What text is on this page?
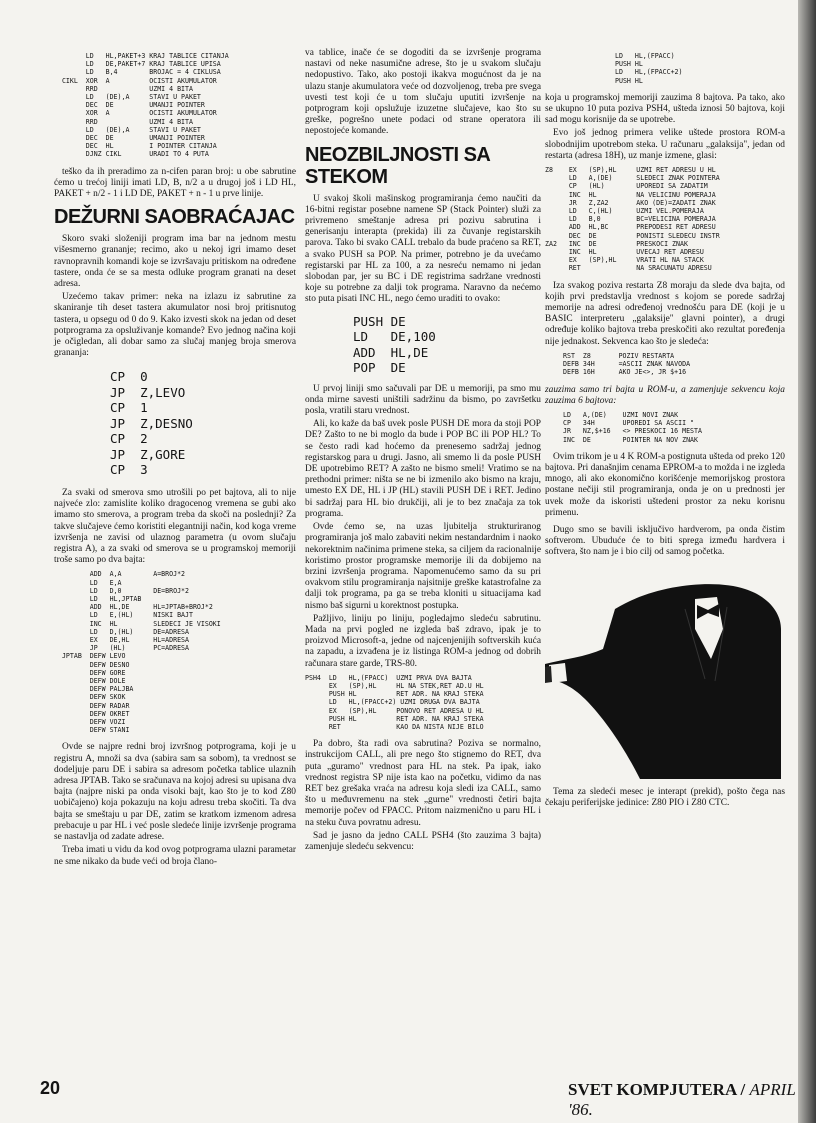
LD   HL,PAKET+3 KRAJ TABLICE CITANJA
LD   DE,PAKET+7 KRAJ TABLICE UPISA
LD   B,4        BROJAC = 4 CIKLUSA
CIKL  XOR  A          OCISTI AKUMULATOR
RRD             UZMI 4 BITA
LD   (DE),A     STAVI U PAKET
DEC  DE         UMANJI POINTER
XOR  A          OCISTI AKUMULATOR
RRD             UZMI 4 BITA
LD   (DE),A     STAVI U PAKET
DEC  DE         UMANJI POINTER
DEC  HL         I POINTER CITANJA
DJNZ CIKL       URADI TO 4 PUTA

teško da ih preradimo za n-cifen paran broj: u obe sabrutine ćemo u trećoj liniji imati LD, B, n/2 a u drugoj još i LD HL, PAKET + n/2 - 1 i LD DE, PAKET + n - 1 u prve linije.

DEŽURNI SAOBRAĆAJAC

Skoro svaki složeniji program ima bar na jednom mestu višesmerno grananje; recimo, ako u nekoj igri imamo deset ravnopravnih komandi koje se izvršavaju pritiskom na određene tastere, onda će se sa mesta odluke program granati na deset adresa.

Uzećemo takav primer: neka na izlazu iz sabrutine za skaniranje tih deset tastera akumulator nosi broj pritisnutog tastera, u opsegu od 0 do 9. Kako izvesti skok na jedan od deset potprograma za opsluživanje komande? Evo jednog načina koji je očigledan, ali dobar samo za slučaj manjeg broja smerova grananja:

CP  0
JP  Z,LEVO
CP  1
JP  Z,DESNO
CP  2
JP  Z,GORE
CP  3

Za svaki od smerova smo utrošili po pet bajtova, ali to nije najveće zlo: zamislite koliko dragocenog vremena se gubi ako imamo sto smerova, a program treba da skoči na poslednji? Za takve slučajeve ćemo koristiti elegantniji način, kod koga vreme izvršenja ne zavisi od ulaznog parametra (u ovom slučaju registra A), a za svaki od smerova se u programskoj memoriji troše samo po dva bajta:

ADD  A,A        A=BROJ*2
LD   E,A
LD   D,0        DE=BROJ*2
LD   HL,JPTAB
ADD  HL,DE      HL=JPTAB+BROJ*2
LD   E,(HL)     NISKI BAJT
INC  HL         SLEDECI JE VISOKI
LD   D,(HL)     DE=ADRESA
EX   DE,HL      HL=ADRESA
JP   (HL)       PC=ADRESA
JPTAB  DEFW LEVO
DEFW DESNO
DEFW GORE
DEFW DOLE
DEFW PALJBA
DEFW SKOK
DEFW RADAR
DEFW OKRET
DEFW VOZI
DEFW STANI

Ovde se najpre redni broj izvršnog potprograma, koji je u registru A, množi sa dva (sabira sam sa sobom), ta vrednost se dodeljuje paru DE i sabira sa adresom početka tablice ulaznih adresa JPTAB. Tako se sračunava na kojoj adresi su upisana dva bajta (najpre niski pa onda visoki bajt, kao što je to kod Z80 uobičajeno) koja pokazuju na koju adresu treba skočiti. Ta dva bajta se smeštaju u par DE, zatim se kratkom izmenom adresa prebacuje u par HL i već posle sledeće linije izvršenje programa se nastavlja od zadate adrese.

Treba imati u vidu da kod ovog potprograma ulazni parametar ne sme nikako da bude veći od broja člano-

va tablice, inače će se dogoditi da se izvršenje programa nastavi od neke nasumične adrese, što je u svakom slučaju nedopustivo. Tako, ako postoji ikakva mogućnost da je na ulazu stanje akumulatora veće od dozvoljenog, treba pre svega uvesti test koji će u tom slučaju uputiti izvršenje na potprogram koji opslužuje izuzetne slučajeve, kao što su greške, pogrešno unete podaci od strane operatora ili nepostojeće komande.

NEOZBILJNOSTI SA STEKOM

U svakoj školi mašinskog programiranja ćemo naučiti da 16-bitni registar posebne namene SP (Stack Pointer) služi za privremeno smeštanje adresa pri pozivu sabrutina i generisanju interapta (prekida) ili za čuvanje registarskih parova. Tako bi svako CALL trebalo da bude praćeno sa RET, a svako PUSH sa POP. Na primer, potrebno je da uvećamo registarski par HL za 100, a za nesreću nemamo ni jedan slobodan par, jer su BC i DE registrima sadržane vrednosti koje su potrebne za dalji tok programa. Naravno da nećemo sto puta pisati INC HL, nego ćemo uraditi to ovako:

PUSH DE
LD   DE,100
ADD  HL,DE
POP  DE

U prvoj liniji smo sačuvali par DE u memoriji, pa smo mu onda mirne savesti uništili sadržinu da bismo, po završetku posla, vratili staru vrednost.

Ali, ko kaže da baš uvek posle PUSH DE mora da stoji POP DE? Zašto to ne bi moglo da bude i POP BC ili POP HL? To se često radi kad hoćemo da prenesemo sadržaj jednog registarskog para u drugi. Jasno, ali smemo li da posle PUSH DE upotrebimo RET? A zašto ne bismo smeli! Vratimo se na prethodni primer: ništa se ne bi izmenilo ako bismo na kraju, umesto EX DE, HL i JP (HL) stavili PUSH DE i RET. Jedino bi sadržaj para HL bio drukčiji, ali je to bez značaja za tok programa.

Ovde ćemo se, na uzas ljubitelja strukturiranog programiranja još malo zabaviti nekim nestandardnim i naoko nekorektnim načinima primene steka, sa ciljem da racionalnije koristimo prostor programske memorije ili da dobijemo na brzini izvršenja programa. Napomenućemo samo da su pri ovakvom stilu programiranja najsitnije greške katastrofalne za dalji tok programa, pa ga se treba kloniti u situacijama kad nismo baš sigurni u korektnost postupka.

Pažljivo, liniju po liniju, pogledajmo sledeću sabrutinu. Mada na prvi pogled ne izgleda baš zdravo, ipak je to proizvod Microsoft-a, jedne od najcenjenijih softverskih kuća na zapadu, a izvađena je iz listinga ROM-a jednog od dobrih računara stare garde, TRS-80.

PSH4  LD   HL,(FPACC)  UZMI PRVA DVA BAJTA
EX   (SP),HL     HL NA STEK,RET AD.U HL
PUSH HL          RET ADR. NA KRAJ STEKA
LD   HL,(FPACC+2) UZMI DRUGA DVA BAJTA
EX   (SP),HL     PONOVO RET ADRESA U HL
PUSH HL          RET ADR. NA KRAJ STEKA
RET              KAO DA NISTA NIJE BILO

Pa dobro, šta radi ova sabrutina? Poziva se normalno, instrukcijom CALL, ali pre nego što stignemo do RET, dva puta „guramo" vrednost para HL na stek. Pa ipak, iako vrednost registra SP nije ista kao na početku, vidimo da nas RET bez grešaka vraća na adresu koja sledi iza CALL, samo što u međuvremenu na stek „gurne" vrednosti četiri bajta memorije počev od FPACC. Pritom naizmenično u paru HL i na steku čuva povratnu adresu.

Sad je jasno da jedno CALL PSH4 (što zauzima 3 bajta) zamenjuje sledeću sekvencu:

LD   HL,(FPACC)
PUSH HL
LD   HL,(FPACC+2)
PUSH HL

koja u programskoj memoriji zauzima 8 bajtova. Pa tako, ako se ukupno 10 puta poziva PSH4, ušteda iznosi 50 bajtova, koji sad mogu korisnije da se upotrebe.

Evo još jednog primera velike uštede prostora ROM-a slobodnijim upotrebom steka. U računaru „galaksija", jedan od restarta (adresa 18H), uz manje izmene, glasi:

Z8    EX   (SP),HL     UZMI RET ADRESU U HL
LD   A,(DE)      SLEDECI ZNAK POINTERA
CP   (HL)        UPOREDI SA ZADATIM
INC  HL          NA VELICINU POMERAJA
JR   Z,ZA2       AKO (DE)=ZADATI ZNAK
LD   C,(HL)      UZMI VEL.POMERAJA
LD   B,0         BC=VELICINA POMERAJA
ADD  HL,BC       PREPODESI RET ADRESU
DEC  DE          PONISTI SLEDECU INSTR
ZA2   INC  DE          PRESKOCI ZNAK
INC  HL          UVECAJ RET ADRESU
EX   (SP),HL     VRATI HL NA STACK
RET              NA SRACUNATU ADRESU

Iza svakog poziva restarta Z8 moraju da slede dva bajta, od kojih prvi predstavlja vrednost s kojom se porede sadržaj memorije na adresi određenoj vrednošću para DE (koji je u BASIC interpreteru „galaksije" glavni pointer), a drugi određuje koliko bajtova treba preskočiti ako rezultat poređenja nije jednakost. Sekvenca kao što je sledeća:

RST  Z8       POZIV RESTARTA
DEFB 34H      =ASCII ZNAK NAVODA
DEFB 16H      AKO JE<>, JR $+16

zauzima samo tri bajta u ROM-u, a zamenjuje sekvencu koja zauzima 6 bajtova:

LD   A,(DE)    UZMI NOVI ZNAK
CP   34H       UPOREDI SA ASCII "
JR   NZ,$+16   <> PRESKOCI 16 MESTA
INC  DE        POINTER NA NOV ZNAK

Ovim trikom je u 4 K ROM-a postignuta ušteda od preko 120 bajtova. Pri današnjim cenama EPROM-a to možda i ne izgleda mnogo, ali ako ekonomično korišćenje memorijskog prostora postane nečiji stil programiranja, onda je on u prednosti jer uvek može da iskoristi uštedeni prostor za neku korisnu primenu.

Dugo smo se bavili isključivo hardverom, pa onda čistim softverom. Ubuduće će to biti sprega između hardvera i softvera, što nam je i bio cilj od samog početka.

Tema za sledeći mesec je interapt (prekid), pošto čega nas čekaju periferijske jedinice: Z80 PIO i Z80 CTC.

20	SVET KOMPJUTERA / APRIL '86.
